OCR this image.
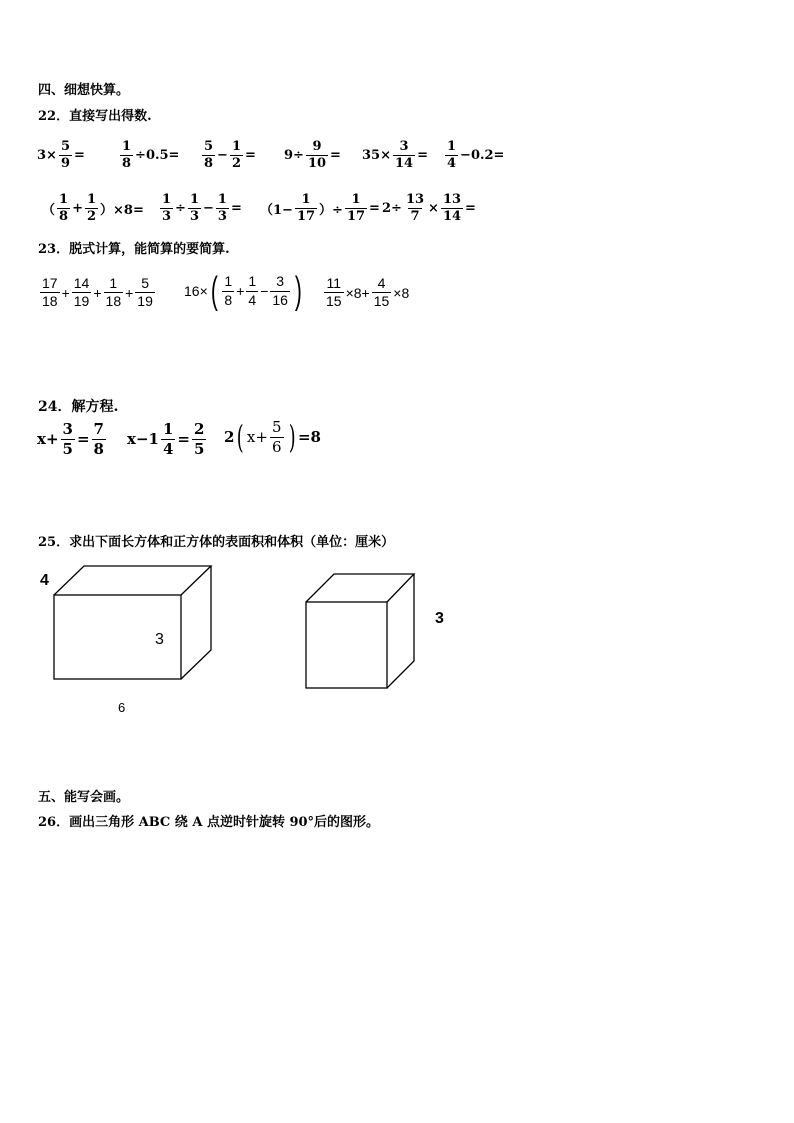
四、细想快算。
22．直接写出得数.
$3 \times \frac{5}{9}$ =	$\frac{1}{8} \div 0.5= \frac{5}{8} - \frac{1}{2} = 9 \div \frac{9}{10} = 35 \times \frac{3}{14} = \frac{1}{4} -0.2=$
（ $\frac{1}{8} + \frac{1}{2} )\times 8= \frac{1}{3} \div \frac{1}{3} - \frac{1}{3} = (1- \frac{1}{17}$ ）÷ $\frac{1}{17} = 2\div \frac{13}{7} \times \frac{13}{14}$ =
23．脱式计算，能简算的要简算.
$\frac{17}{18} + \frac{14}{19} + \frac{1}{18} + \frac{5}{19} 16\times$ ( $\frac{1}{8} + \frac{1}{4} - \frac{3}{16}$ ) $\frac{11}{15} \times 8+ \frac{4}{15} \times 8$
24．解方程.
$x+ \frac{3}{5} = \frac{7}{8} x-1 \frac{1}{4} = \frac{2}{5} 2$ ( $x+ \frac{5}{6}$ ) =8
25．求出下面长方体和正方体的表面积和体积（单位：厘米）
4
3
6
3
五、能写会画。
26．画出三角形 ABC 绕 A 点逆时针旋转 90°后的图形。
